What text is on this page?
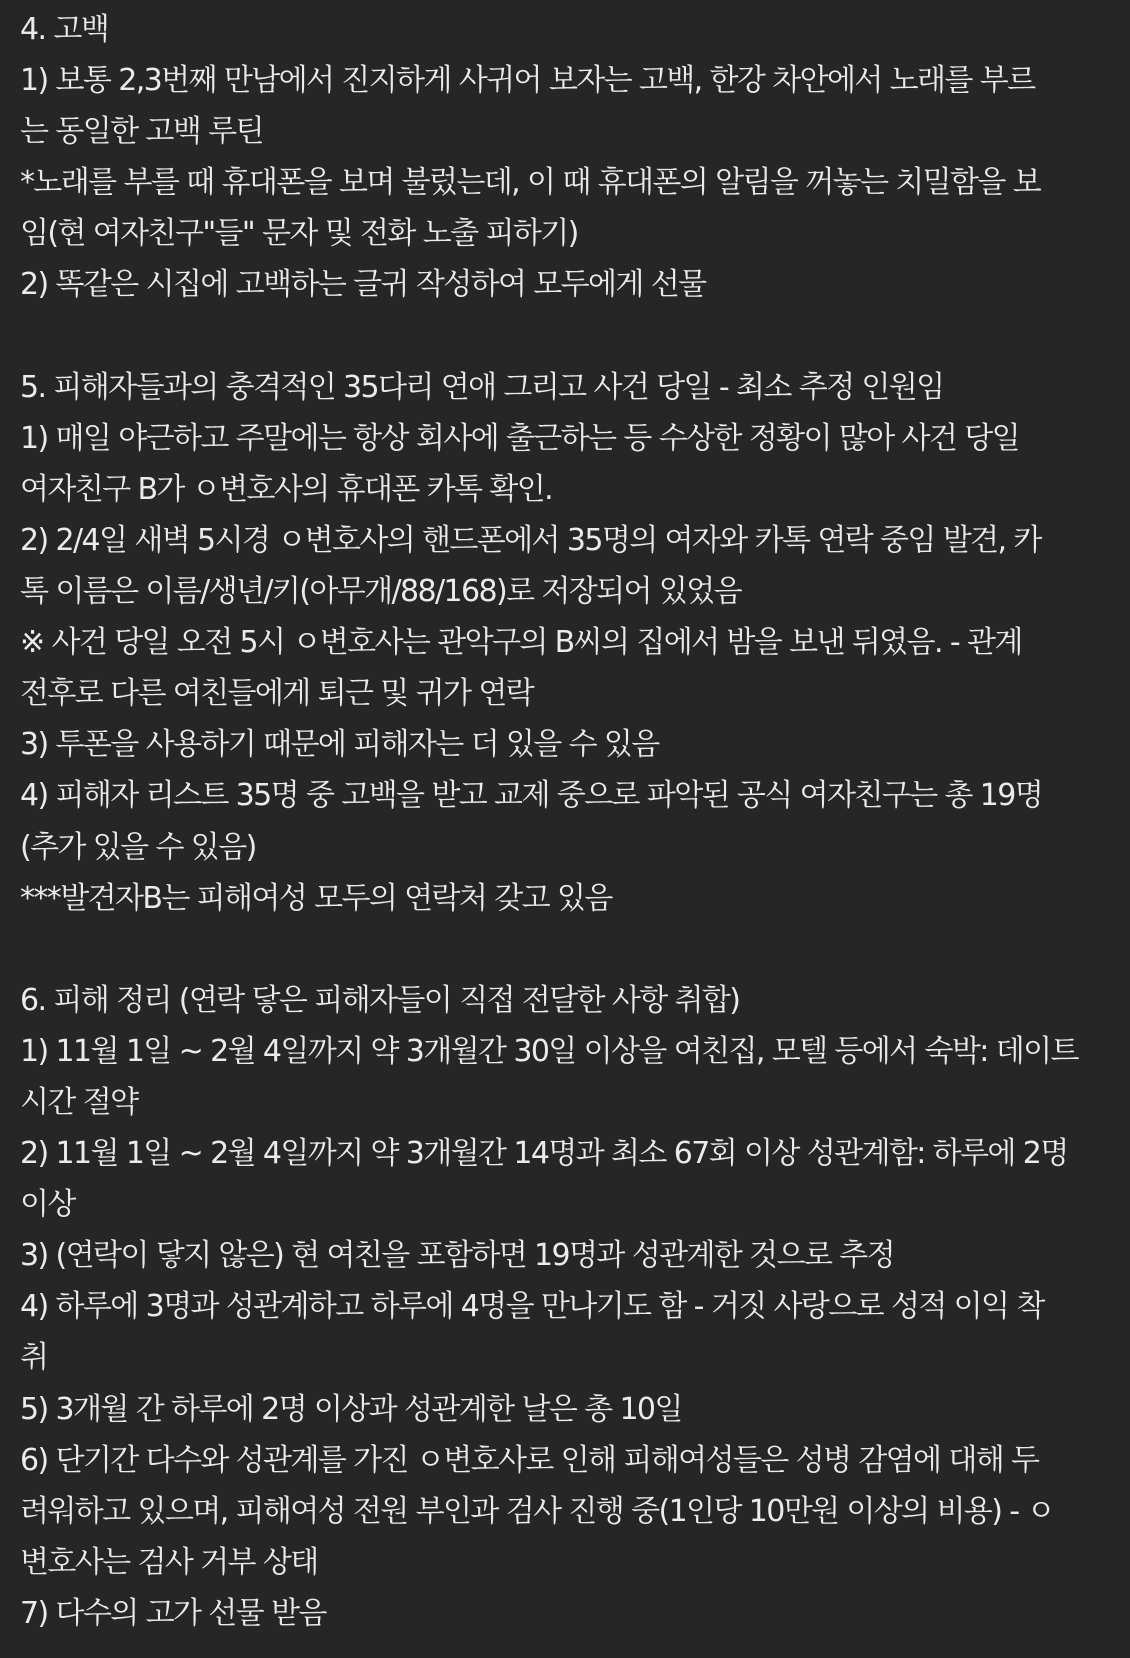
4. 고백
1) 보통 2,3번째 만남에서 진지하게 사귀어 보자는 고백, 한강 차안에서 노래를 부르
는 동일한 고백 루틴
*노래를 부를 때 휴대폰을 보며 불렀는데, 이 때 휴대폰의 알림을 꺼놓는 치밀함을 보
임(현 여자친구"들" 문자 및 전화 노출 피하기)
2) 똑같은 시집에 고백하는 글귀 작성하여 모두에게 선물
5. 피해자들과의 충격적인 35다리 연애 그리고 사건 당일 - 최소 추정 인원임
1) 매일 야근하고 주말에는 항상 회사에 출근하는 등 수상한 정황이 많아 사건 당일
여자친구 B가 ㅇ변호사의 휴대폰 카톡 확인.
2) 2/4일 새벽 5시경 ㅇ변호사의 핸드폰에서 35명의 여자와 카톡 연락 중임 발견, 카
톡 이름은 이름/생년/키(아무개/88/168)로 저장되어 있었음
※ 사건 당일 오전 5시 ㅇ변호사는 관악구의 B씨의 집에서 밤을 보낸 뒤였음. - 관계
전후로 다른 여친들에게 퇴근 및 귀가 연락
3) 투폰을 사용하기 때문에 피해자는 더 있을 수 있음
4) 피해자 리스트 35명 중 고백을 받고 교제 중으로 파악된 공식 여자친구는 총 19명
(추가 있을 수 있음)
***발견자B는 피해여성 모두의 연락처 갖고 있음
6. 피해 정리 (연락 닿은 피해자들이 직접 전달한 사항 취합)
1) 11월 1일 ~ 2월 4일까지 약 3개월간 30일 이상을 여친집, 모텔 등에서 숙박: 데이트
시간 절약
2) 11월 1일 ~ 2월 4일까지 약 3개월간 14명과 최소 67회 이상 성관계함: 하루에 2명
이상
3) (연락이 닿지 않은) 현 여친을 포함하면 19명과 성관계한 것으로 추정
4) 하루에 3명과 성관계하고 하루에 4명을 만나기도 함 - 거짓 사랑으로 성적 이익 착
취
5) 3개월 간 하루에 2명 이상과 성관계한 날은 총 10일
6) 단기간 다수와 성관계를 가진 ㅇ변호사로 인해 피해여성들은 성병 감염에 대해 두
려워하고 있으며, 피해여성 전원 부인과 검사 진행 중(1인당 10만원 이상의 비용) - ㅇ
변호사는 검사 거부 상태
7) 다수의 고가 선물 받음
